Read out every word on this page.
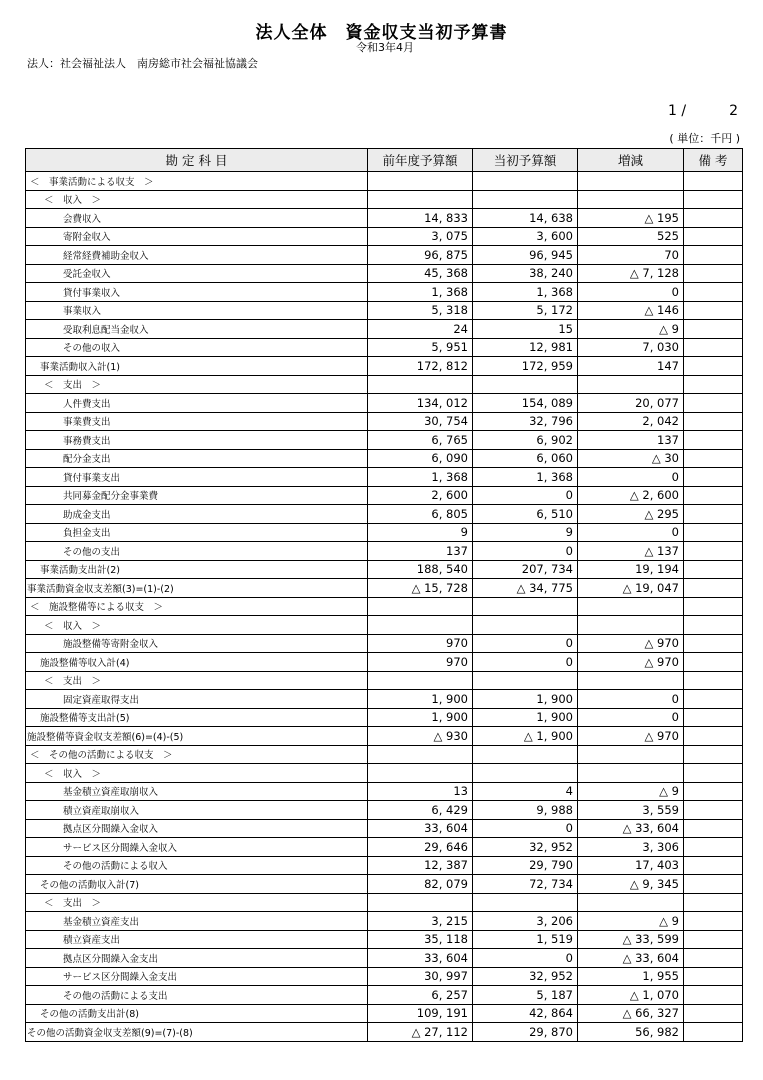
法人全体　資金収支当初予算書
令和3年4月
法人：社会福祉法人　南房総市社会福祉協議会
1 /	2
( 単位：千円 )
勘 定 科 目	前年度予算額	当初予算額	増減	備 考
＜　事業活動による収支　＞				
＜　収入　＞				
会費収入	14, 833	14, 638	△ 195	
寄附金収入	3, 075	3, 600	525	
経常経費補助金収入	96, 875	96, 945	70	
受託金収入	45, 368	38, 240	△ 7, 128	
貸付事業収入	1, 368	1, 368	0	
事業収入	5, 318	5, 172	△ 146	
受取利息配当金収入	24	15	△ 9	
その他の収入	5, 951	12, 981	7, 030	
事業活動収入計(1)	172, 812	172, 959	147	
＜　支出　＞				
人件費支出	134, 012	154, 089	20, 077	
事業費支出	30, 754	32, 796	2, 042	
事務費支出	6, 765	6, 902	137	
配分金支出	6, 090	6, 060	△ 30	
貸付事業支出	1, 368	1, 368	0	
共同募金配分金事業費	2, 600	0	△ 2, 600	
助成金支出	6, 805	6, 510	△ 295	
負担金支出	9	9	0	
その他の支出	137	0	△ 137	
事業活動支出計(2)	188, 540	207, 734	19, 194	
事業活動資金収支差額(3)=(1)-(2)	△ 15, 728	△ 34, 775	△ 19, 047	
＜　施設整備等による収支　＞				
＜　収入　＞				
施設整備等寄附金収入	970	0	△ 970	
施設整備等収入計(4)	970	0	△ 970	
＜　支出　＞				
固定資産取得支出	1, 900	1, 900	0	
施設整備等支出計(5)	1, 900	1, 900	0	
施設整備等資金収支差額(6)=(4)-(5)	△ 930	△ 1, 900	△ 970	
＜　その他の活動による収支　＞				
＜　収入　＞				
基金積立資産取崩収入	13	4	△ 9	
積立資産取崩収入	6, 429	9, 988	3, 559	
拠点区分間繰入金収入	33, 604	0	△ 33, 604	
サービス区分間繰入金収入	29, 646	32, 952	3, 306	
その他の活動による収入	12, 387	29, 790	17, 403	
その他の活動収入計(7)	82, 079	72, 734	△ 9, 345	
＜　支出　＞				
基金積立資産支出	3, 215	3, 206	△ 9	
積立資産支出	35, 118	1, 519	△ 33, 599	
拠点区分間繰入金支出	33, 604	0	△ 33, 604	
サービス区分間繰入金支出	30, 997	32, 952	1, 955	
その他の活動による支出	6, 257	5, 187	△ 1, 070	
その他の活動支出計(8)	109, 191	42, 864	△ 66, 327	
その他の活動資金収支差額(9)=(7)-(8)	△ 27, 112	29, 870	56, 982	
